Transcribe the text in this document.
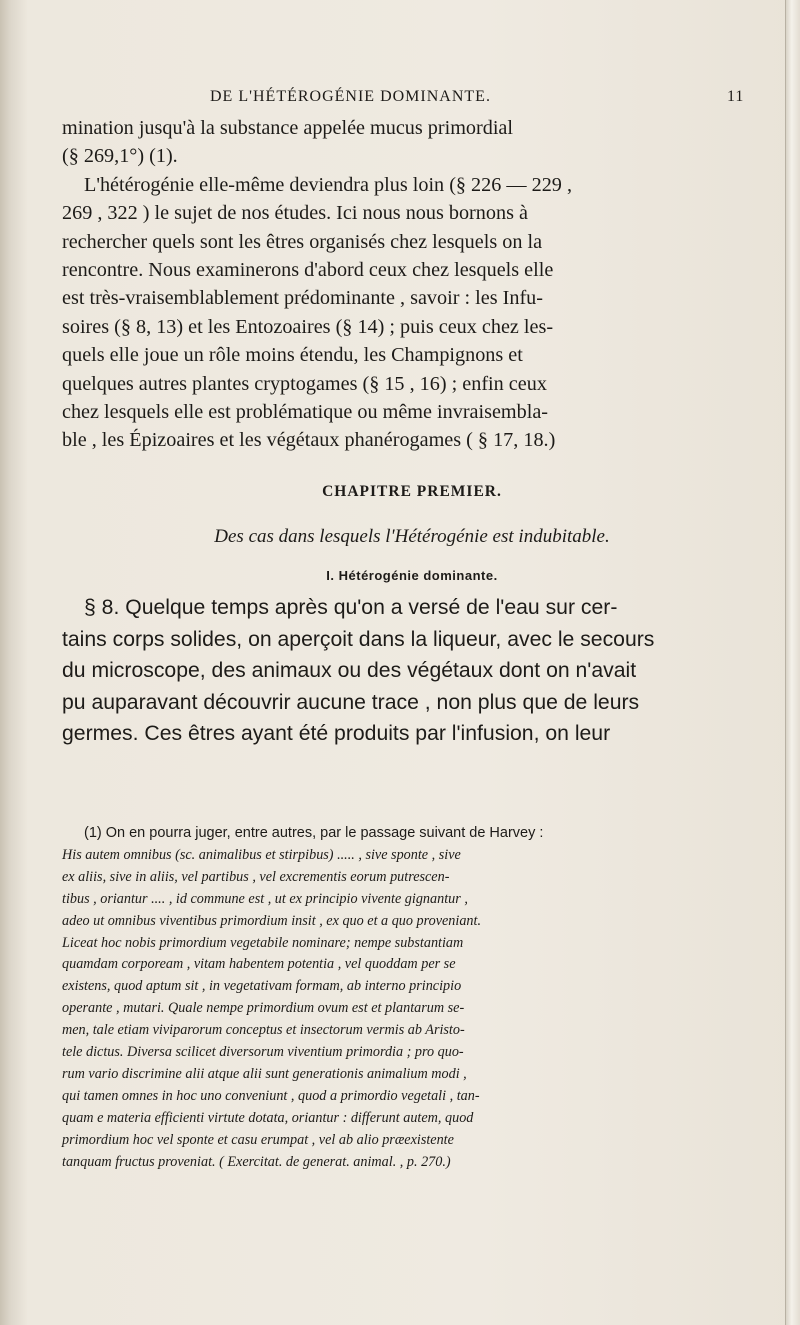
DE L'HÉTÉROGÉNIE DOMINANTE.	11

mination jusqu'à la substance appelée mucus primordial

(§ 269,1°) (1).

L'hétérogénie elle-même deviendra plus loin (§ 226 — 229 ,

269 , 322 ) le sujet de nos études. Ici nous nous bornons à

rechercher quels sont les êtres organisés chez lesquels on la

rencontre. Nous examinerons d'abord ceux chez lesquels elle

est très-vraisemblablement prédominante , savoir : les Infu-

soires (§ 8, 13) et les Entozoaires (§ 14) ; puis ceux chez les-

quels elle joue un rôle moins étendu, les Champignons et

quelques autres plantes cryptogames (§ 15 , 16) ; enfin ceux

chez lesquels elle est problématique ou même invraisembla-

ble , les Épizoaires et les végétaux phanérogames ( § 17, 18.)

CHAPITRE PREMIER.
Des cas dans lesquels l'Hétérogénie est indubitable.
I. Hétérogénie dominante.

§ 8. Quelque temps après qu'on a versé de l'eau sur cer-

tains corps solides, on aperçoit dans la liqueur, avec le secours

du microscope, des animaux ou des végétaux dont on n'avait

pu auparavant découvrir aucune trace , non plus que de leurs

germes. Ces êtres ayant été produits par l'infusion, on leur

(1) On en pourra juger, entre autres, par le passage suivant de Harvey :

His autem omnibus (sc. animalibus et stirpibus) ..... , sive sponte , sive

ex aliis, sive in aliis, vel partibus , vel excrementis eorum putrescen-

tibus , oriantur .... , id commune est , ut ex principio vivente gignantur ,

adeo ut omnibus viventibus primordium insit , ex quo et a quo proveniant.

Liceat hoc nobis primordium vegetabile nominare; nempe substantiam

quamdam corpoream , vitam habentem potentia , vel quoddam per se

existens, quod aptum sit , in vegetativam formam, ab interno principio

operante , mutari. Quale nempe primordium ovum est et plantarum se-

men, tale etiam viviparorum conceptus et insectorum vermis ab Aristo-

tele dictus. Diversa scilicet diversorum viventium primordia ; pro quo-

rum vario discrimine alii atque alii sunt generationis animalium modi ,

qui tamen omnes in hoc uno conveniunt , quod a primordio vegetali , tan-

quam e materia efficienti virtute dotata, oriantur : differunt autem, quod

primordium hoc vel sponte et casu erumpat , vel ab alio præexistente

tanquam fructus proveniat. ( Exercitat. de generat. animal. , p. 270.)
